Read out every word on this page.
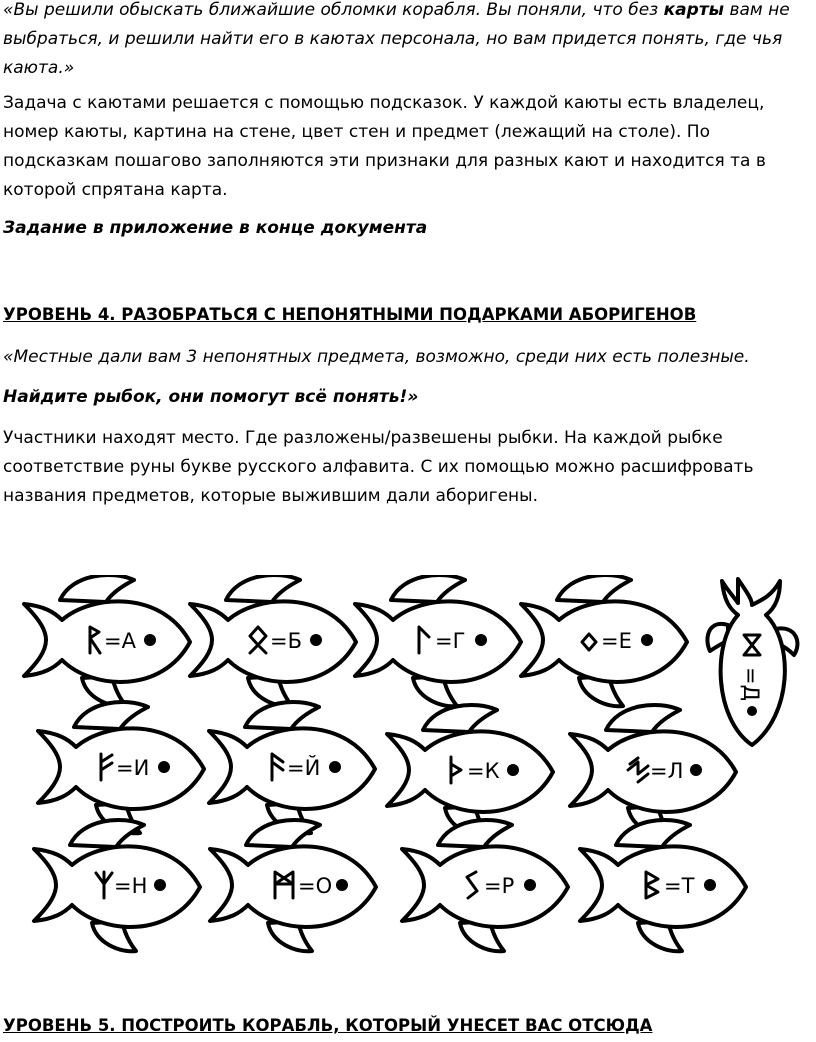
«Вы решили обыскать ближайшие обломки корабля. Вы поняли, что без карты вам не выбраться, и решили найти его в каютах персонала, но вам придется понять, где чья каюта.»

Задача с каютами решается с помощью подсказок. У каждой каюты есть владелец, номер каюты, картина на стене, цвет стен и предмет (лежащий на столе). По подсказкам пошагово заполняются эти признаки для разных кают и находится та в которой спрятана карта.

Задание в приложение в конце документа

УРОВЕНЬ 4. РАЗОБРАТЬСЯ С НЕПОНЯТНЫМИ ПОДАРКАМИ АБОРИГЕНОВ

«Местные дали вам 3 непонятных предмета, возможно, среди них есть полезные.

Найдите рыбок, они помогут всё понять!»

Участники находят место. Где разложены/развешены рыбки. На каждой рыбке соответствие руны букве русского алфавита. С их помощью можно расшифровать названия предметов, которые выжившим дали аборигены.

=А	=Б	=Г	=Е
=Д
=И	=Й	=К	=Л
=Н	=О	=Р	=Т

УРОВЕНЬ 5. ПОСТРОИТЬ КОРАБЛЬ, КОТОРЫЙ УНЕСЕТ ВАС ОТСЮДА
